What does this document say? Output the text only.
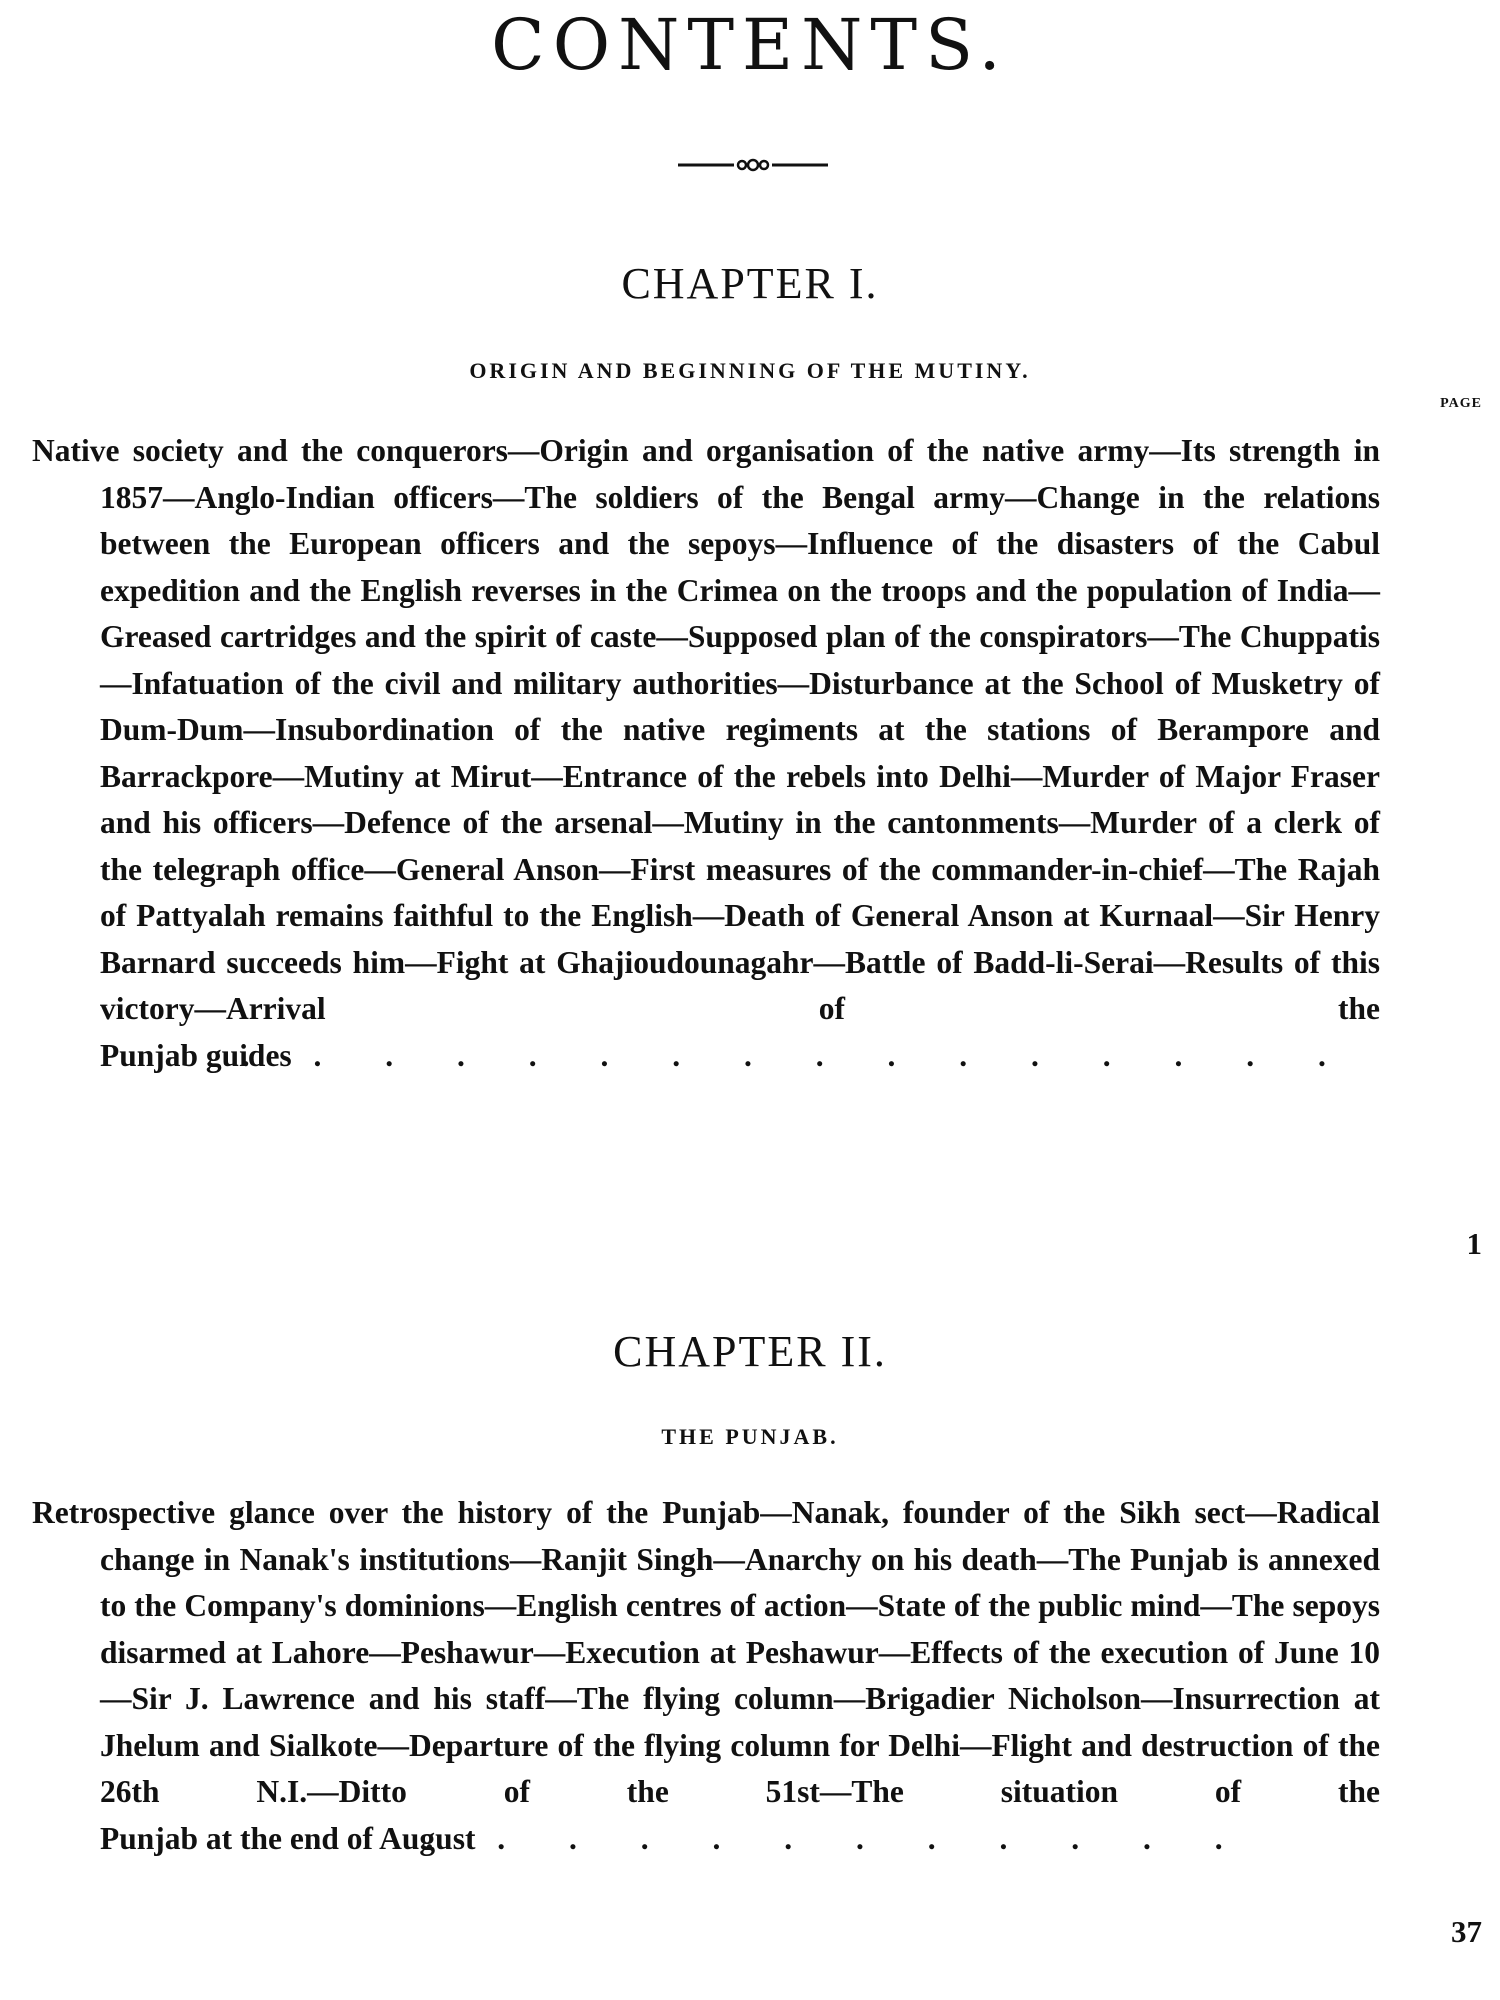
CONTENTS.
CHAPTER I.
ORIGIN AND BEGINNING OF THE MUTINY.
PAGE

Native society and the conquerors—Origin and organisation of the native army—Its strength in 1857—Anglo-Indian officers—The soldiers of the Bengal army—Change in the relations between the European officers and the sepoys—Influence of the disasters of the Cabul expedition and the English reverses in the Crimea on the troops and the population of India—Greased cartridges and the spirit of caste—Supposed plan of the conspirators—The Chuppatis—Infatuation of the civil and military authorities—Disturbance at the School of Musketry of Dum-Dum—Insubordination of the native regiments at the stations of Berampore and Barrackpore—Mutiny at Mirut—Entrance of the rebels into Delhi—Murder of Major Fraser and his officers—Defence of the arsenal—Mutiny in the cantonments—Murder of a clerk of the telegraph office—General Anson—First measures of the commander-in-chief—The Rajah of Pattyalah remains faithful to the English—Death of General Anson at Kurnaal—Sir Henry Barnard succeeds him—Fight at Ghajioudounagahr—Battle of Badd-li-Serai—Results of this victory—Arrival of the Punjab guides. . . . . . . . . . . . . . . .

1
CHAPTER II.
THE PUNJAB.

Retrospective glance over the history of the Punjab—Nanak, founder of the Sikh sect—Radical change in Nanak's institutions—Ranjit Singh—Anarchy on his death—The Punjab is annexed to the Company's dominions—English centres of action—State of the public mind—The sepoys disarmed at Lahore—Peshawur—Execution at Peshawur—Effects of the execution of June 10—Sir J. Lawrence and his staff—The flying column—Brigadier Nicholson—Insurrection at Jhelum and Sialkote—Departure of the flying column for Delhi—Flight and destruction of the 26th N.I.—Ditto of the 51st—The situation of the Punjab at the end of August. . . . . . . . . . . .

37
